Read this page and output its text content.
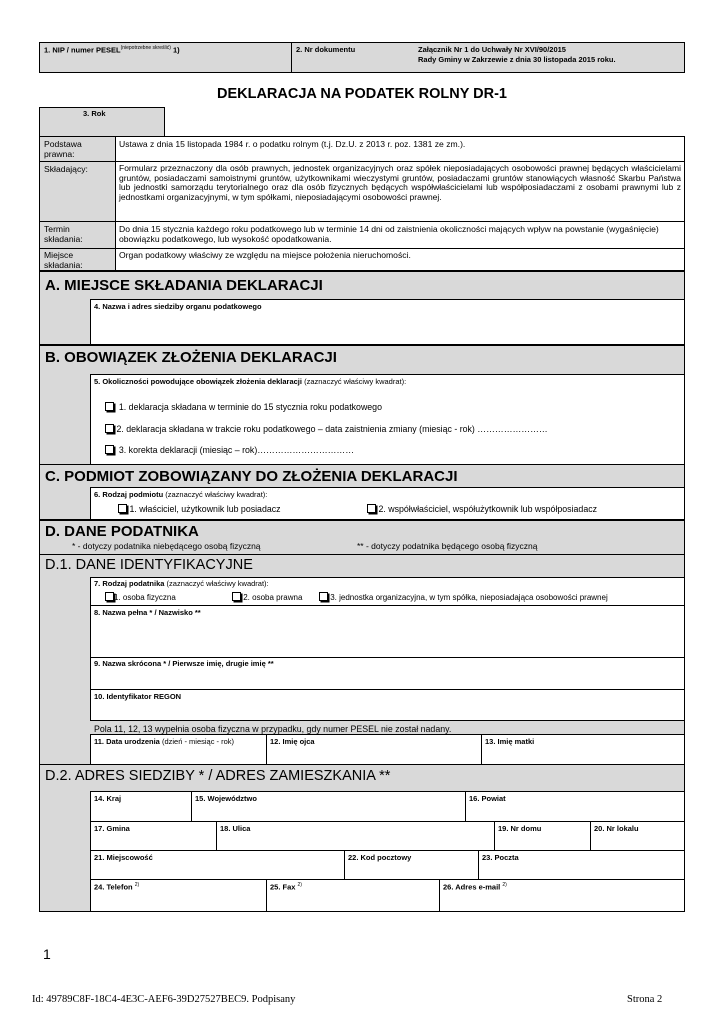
1. NIP / numer $PESEL^{(niepotrzebne skreślić)}$ 1)	2. Nr dokumentu	Załącznik Nr 1 do Uchwały Nr XVI/90/2015
Rady Gminy w Zakrzewie z dnia 30 listopada 2015 roku.
DEKLARACJA NA PODATEK ROLNY DR-1
3. Rok
Podstawa prawna:
Ustawa z dnia 15 listopada 1984 r. o podatku rolnym (t.j. Dz.U. z 2013 r. poz. 1381 ze zm.).
Składający:	Formularz przeznaczony dla osób prawnych, jednostek organizacyjnych oraz spółek nieposiadających osobowości prawnej będących właścicielami gruntów, posiadaczami samoistnymi gruntów, użytkownikami wieczystymi gruntów, posiadaczami gruntów stanowiących własność Skarbu Państwa lub jednostki samorządu terytorialnego oraz dla osób fizycznych będących współwłaścicielami lub współposiadaczami z osobami prawnymi lub z jednostkami organizacyjnymi, w tym spółkami, nieposiadającymi osobowości prawnej.
Termin składania:
Do dnia 15 stycznia każdego roku podatkowego lub w terminie 14 dni od zaistnienia okoliczności mających wpływ na powstanie (wygaśnięcie) obowiązku podatkowego, lub wysokość opodatkowania.
Miejsce składania:
Organ podatkowy właściwy ze względu na miejsce położenia nieruchomości.
A. MIEJSCE SKŁADANIA DEKLARACJI
4. Nazwa i adres siedziby organu podatkowego
B. OBOWIĄZEK ZŁOŻENIA DEKLARACJI
5. Okoliczności powodujące obowiązek złożenia deklaracji (zaznaczyć właściwy kwadrat):
1. deklaracja składana w terminie do 15 stycznia roku podatkowego
2. deklaracja składana w trakcie roku podatkowego – data zaistnienia zmiany (miesiąc - rok) ……………………
3. korekta deklaracji (miesiąc – rok)……………………………
C. PODMIOT ZOBOWIĄZANY DO ZŁOŻENIA DEKLARACJI
6. Rodzaj podmiotu (zaznaczyć właściwy kwadrat):
1. właściciel, użytkownik lub posiadacz	2. współwłaściciel, współużytkownik lub współposiadacz
D. DANE PODATNIKA
* - dotyczy podatnika niebędącego osobą fizyczną	** - dotyczy podatnika będącego osobą fizyczną
D.1. DANE IDENTYFIKACYJNE
7. Rodzaj podatnika (zaznaczyć właściwy kwadrat):
1. osoba fizyczna	2. osoba prawna	3. jednostka organizacyjna, w tym spółka, nieposiadająca osobowości prawnej
8. Nazwa pełna * / Nazwisko **
9. Nazwa skrócona * / Pierwsze imię, drugie imię **
10. Identyfikator REGON
Pola 11, 12, 13 wypełnia osoba fizyczna w przypadku, gdy numer PESEL nie został nadany.
11. Data urodzenia (dzień - miesiąc - rok)	12. Imię ojca	13. Imię matki
D.2. ADRES SIEDZIBY * / ADRES ZAMIESZKANIA **
14. Kraj	15. Województwo	16. Powiat
17. Gmina	18. Ulica	19. Nr domu	20. Nr lokalu
21. Miejscowość	22. Kod pocztowy	23. Poczta
24. Telefon $^{2)}$	25. Fax $^{2)}$	26. Adres e-mail $^{2)}$
1
Id: 49789C8F-18C4-4E3C-AEF6-39D27527BEC9. Podpisany	Strona 2
